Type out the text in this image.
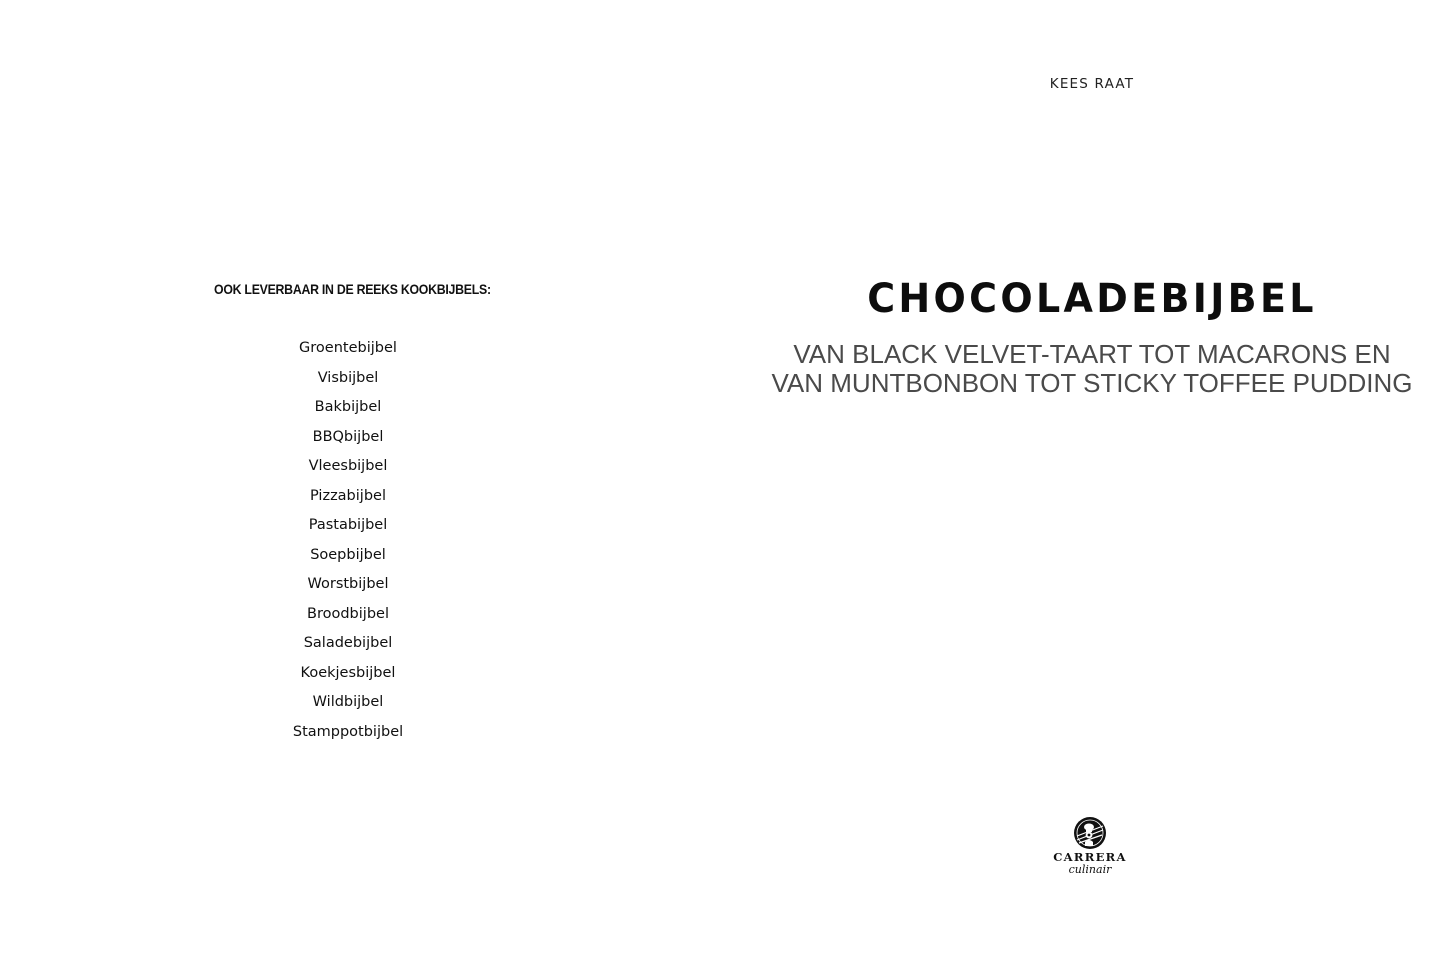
OOK LEVERBAAR IN DE REEKS KOOKBIJBELS:
Groentebijbel
Visbijbel
Bakbijbel
BBQbijbel
Vleesbijbel
Pizzabijbel
Pastabijbel
Soepbijbel
Worstbijbel
Broodbijbel
Saladebijbel
Koekjesbijbel
Wildbijbel
Stamppotbijbel
KEES RAAT
CHOCOLADEBIJBEL
VAN BLACK VELVET-TAART TOT MACARONS EN
VAN MUNTBONBON TOT STICKY TOFFEE PUDDING
CARRERA
culinair
